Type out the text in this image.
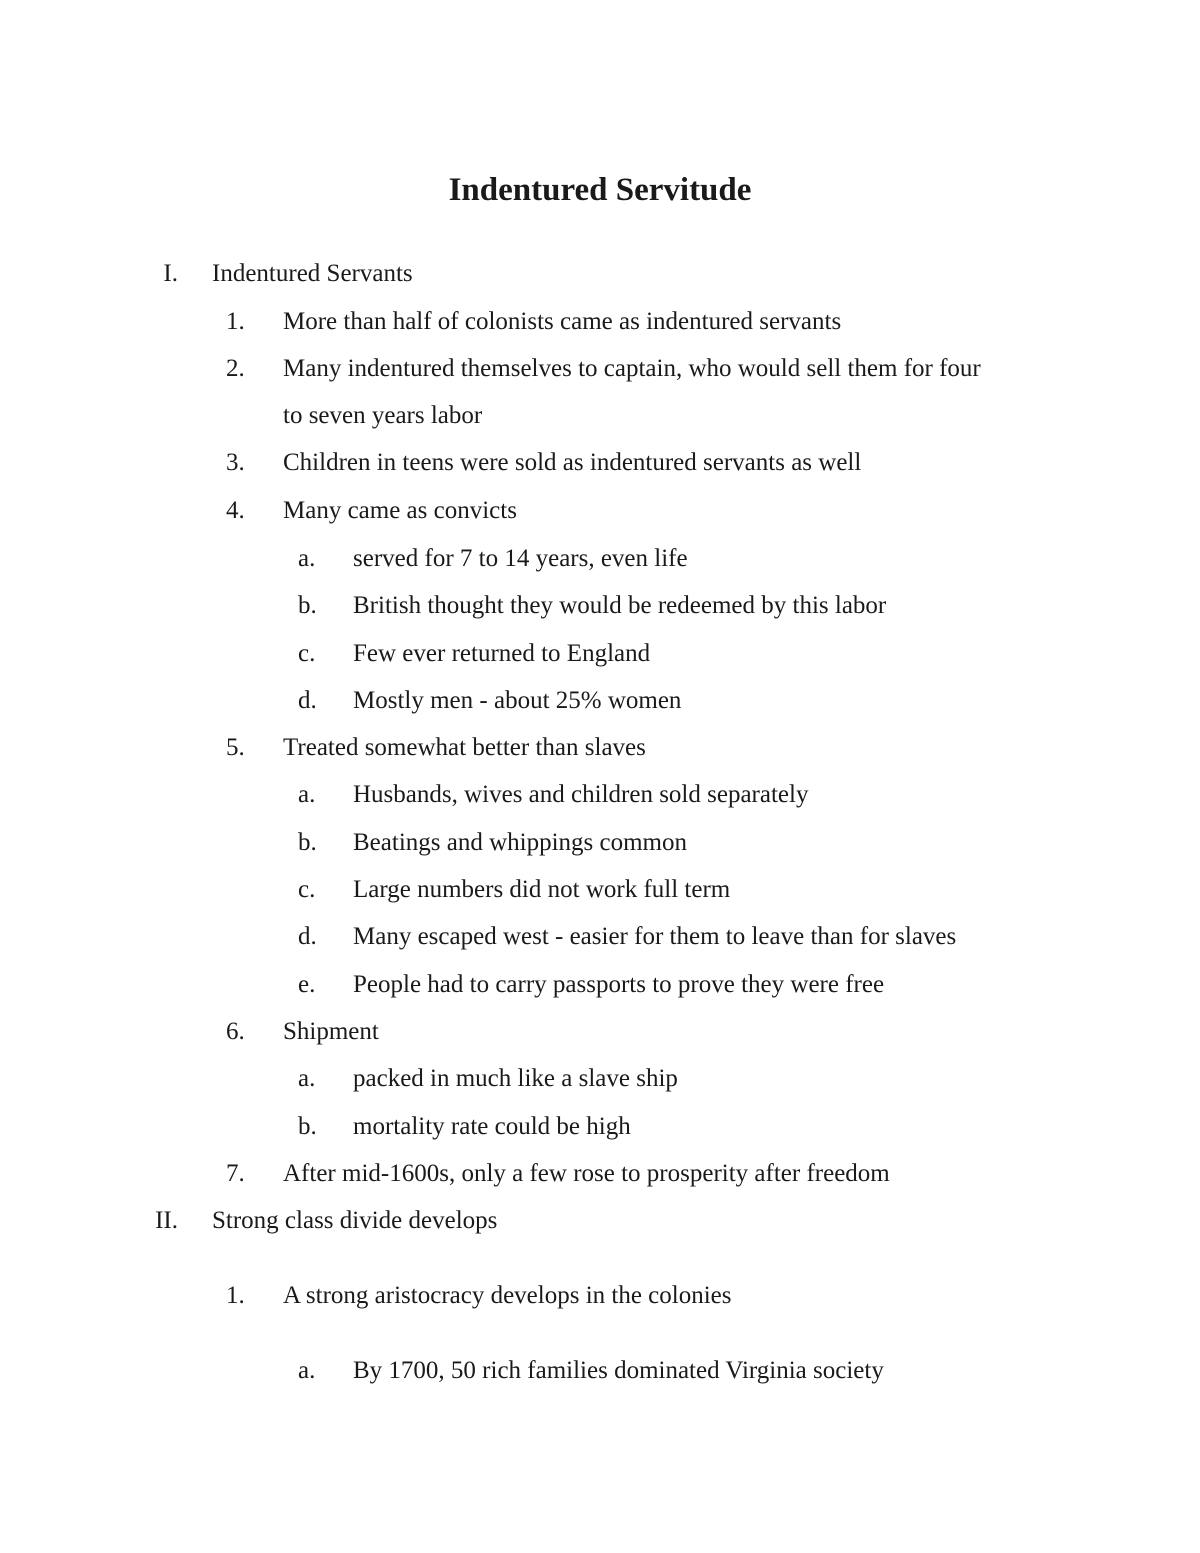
Indentured Servitude
I. Indentured Servants
1. More than half of colonists came as indentured servants
2. Many indentured themselves to captain, who would sell them for four
to seven years labor
3. Children in teens were sold as indentured servants as well
4. Many came as convicts
a. served for 7 to 14 years, even life
b. British thought they would be redeemed by this labor
c. Few ever returned to England
d. Mostly men - about 25% women
5. Treated somewhat better than slaves
a. Husbands, wives and children sold separately
b. Beatings and whippings common
c. Large numbers did not work full term
d. Many escaped west - easier for them to leave than for slaves
e. People had to carry passports to prove they were free
6. Shipment
a. packed in much like a slave ship
b. mortality rate could be high
7. After mid-1600s, only a few rose to prosperity after freedom
II. Strong class divide develops
1. A strong aristocracy develops in the colonies
a. By 1700, 50 rich families dominated Virginia society
